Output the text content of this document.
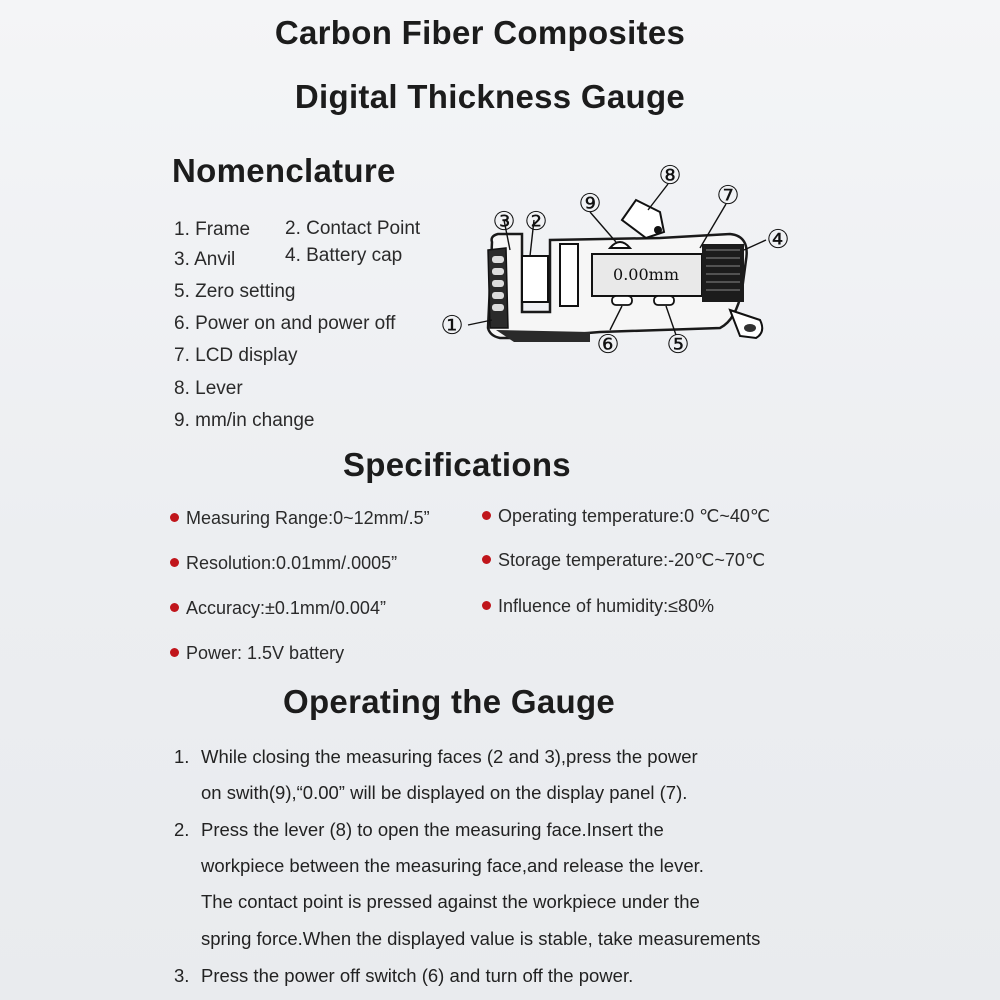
Carbon Fiber Composites
Digital Thickness Gauge
Nomenclature
1. Frame 2. Contact Point
3. Anvil	4. Battery cap
5. Zero setting
6. Power on and power off
7. LCD display
8. Lever
9. mm/in change
0.00mm
①
②
③
④
⑤
⑥
⑦
⑧
⑨
Specifications
Measuring Range:0~12mm/.5”	Operating temperature:0 ℃~40℃
Resolution:0.01mm/.0005”	Storage temperature:-20℃~70℃
Accuracy:±0.1mm/0.004”	Influence of humidity:≤80%
Power: 1.5V battery
Operating the Gauge
1. While closing the measuring faces (2 and 3),press the power
on swith(9),“0.00” will be displayed on the display panel (7).
2. Press the lever (8) to open the measuring face.Insert the
workpiece between the measuring face,and release the lever.
The contact point is pressed against the workpiece under the
spring force.When the displayed value is stable, take measurements
3. Press the power off switch (6) and turn off the power.
